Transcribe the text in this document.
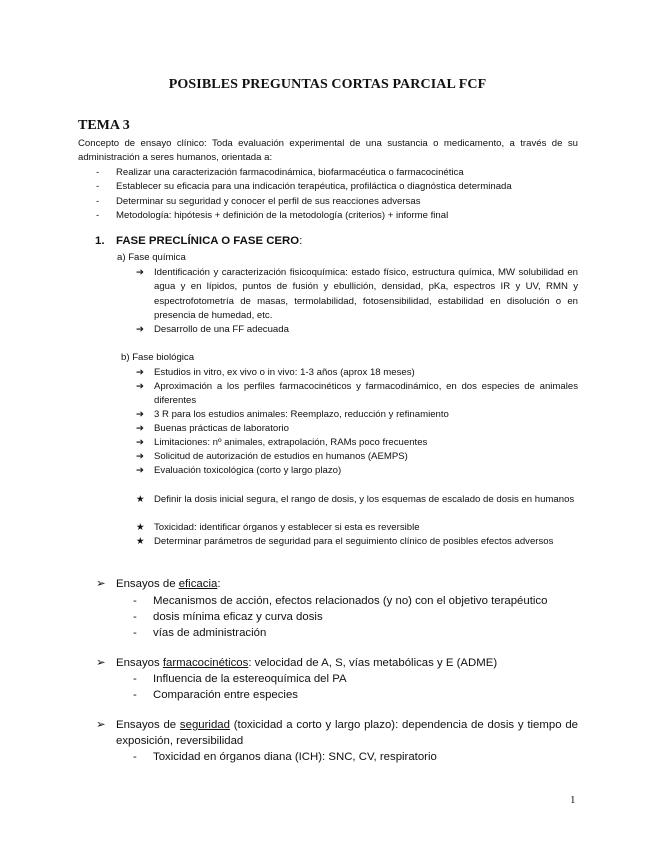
POSIBLES PREGUNTAS CORTAS PARCIAL FCF
TEMA 3
Concepto de ensayo clínico: Toda evaluación experimental de una sustancia o medicamento, a través de su administración a seres humanos, orientada a:
- Realizar una caracterización farmacodinámica, biofarmacéutica o farmacocinética
- Establecer su eficacia para una indicación terapéutica, profiláctica o diagnóstica determinada
- Determinar su seguridad y conocer el perfil de sus reacciones adversas
- Metodología: hipótesis + definición de la metodología (criterios) + informe final
1. FASE PRECLÍNICA O FASE CERO:
a) Fase química
➔ Identificación y caracterización fisicoquímica: estado físico, estructura química, MW solubilidad en agua y en lípidos, puntos de fusión y ebullición, densidad, pKa, espectros IR y UV, RMN y espectrofotometría de masas, termolabilidad, fotosensibilidad, estabilidad en disolución o en presencia de humedad, etc.
➔ Desarrollo de una FF adecuada
b) Fase biológica
➔ Estudios in vitro, ex vivo o in vivo: 1-3 años (aprox 18 meses)
➔ Aproximación a los perfiles farmacocinéticos y farmacodinámico, en dos especies de animales diferentes
➔ 3 R para los estudios animales: Reemplazo, reducción y refinamiento
➔ Buenas prácticas de laboratorio
➔ Limitaciones: nº animales, extrapolación, RAMs poco frecuentes
➔ Solicitud de autorización de estudios en humanos (AEMPS)
➔ Evaluación toxicológica (corto y largo plazo)
★ Definir la dosis inicial segura, el rango de dosis, y los esquemas de escalado de dosis en humanos
★ Toxicidad: identificar órganos y establecer si esta es reversible
★ Determinar parámetros de seguridad para el seguimiento clínico de posibles efectos adversos
➢ Ensayos de eficacia:
- Mecanismos de acción, efectos relacionados (y no) con el objetivo terapéutico
- dosis mínima eficaz y curva dosis
- vías de administración
➢ Ensayos farmacocinéticos: velocidad de A, S, vías metabólicas y E (ADME)
- Influencia de la estereoquímica del PA
- Comparación entre especies
➢ Ensayos de seguridad (toxicidad a corto y largo plazo): dependencia de dosis y tiempo de exposición, reversibilidad
- Toxicidad en órganos diana (ICH): SNC, CV, respiratorio
1
